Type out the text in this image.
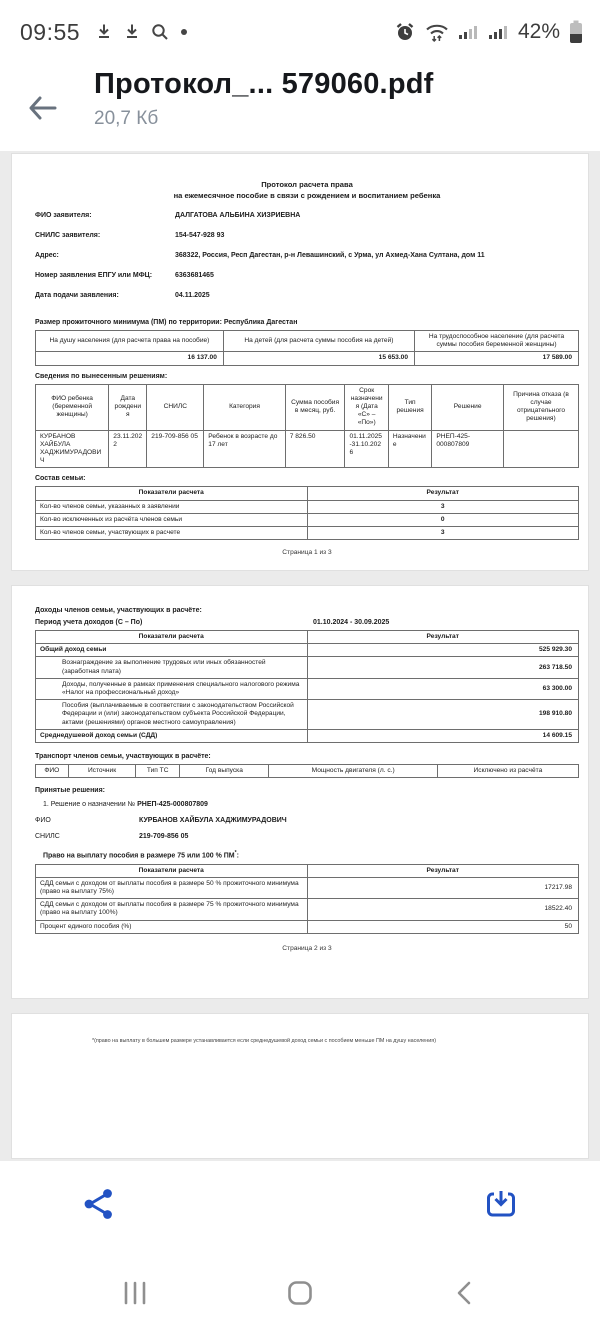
09:55	42%
Протокол_... 579060.pdf
20,7 Кб
Протокол расчета права
на ежемесячное пособие в связи с рождением и воспитанием ребенка
ФИО заявителя:	ДАЛГАТОВА АЛЬБИНА ХИЗРИЕВНА
СНИЛС заявителя:	154-547-928 93
Адрес:	368322, Россия, Респ Дагестан, р-н Левашинский, с Урма, ул Ахмед-Хана Султана, дом 11
Номер заявления ЕПГУ или МФЦ:	6363681465
Дата подачи заявления:	04.11.2025
Размер прожиточного минимума (ПМ) по территории: Республика Дагестан
На душу населения (для расчета права на пособие)	На детей (для расчета суммы пособия на детей)	На трудоспособное население (для расчета суммы пособия беременной женщины)
16 137.00	15 653.00	17 589.00
Сведения по вынесенным решениям:
ФИО ребенка (беременной женщины)	Дата рождения	СНИЛС	Категория	Сумма пособия в месяц, руб.	Срок назначения (Дата «С» – «По»)	Тип решения	Решение	Причина отказа (в случае отрицательного решения)
КУРБАНОВ ХАЙБУЛА ХАДЖИМУРАДОВИЧ	23.11.2022	219-709-856 05	Ребенок в возрасте до 17 лет	7 826.50	01.11.2025-31.10.2026	Назначение	РНЕП-425-000807809	
Состав семьи:
Показатели расчета	Результат
Кол-во членов семьи, указанных в заявлении	3
Кол-во исключенных из расчёта членов семьи	0
Кол-во членов семьи, участвующих в расчете	3
Страница 1 из 3
Доходы членов семьи, участвующих в расчёте:
Период учета доходов (С – По)	01.10.2024 - 30.09.2025
Показатели расчета	Результат
Общий доход семьи	525 929.30
Вознаграждение за выполнение трудовых или иных обязанностей (заработная плата)	263 718.50
Доходы, полученные в рамках применения специального налогового режима «Налог на профессиональный доход»	63 300.00
Пособия (выплачиваемые в соответствии с законодательством Российской Федерации и (или) законодательством субъекта Российской Федерации, актами (решениями) органов местного самоуправления)	198 910.80
Среднедушевой доход семьи (СДД)	14 609.15
Транспорт членов семьи, участвующих в расчёте:
ФИО	Источник	Тип ТС	Год выпуска	Мощность двигателя (л. с.)	Исключено из расчёта
Принятые решения:
1. Решение о назначении № РНЕП-425-000807809
ФИО	КУРБАНОВ ХАЙБУЛА ХАДЖИМУРАДОВИЧ
СНИЛС	219-709-856 05
Право на выплату пособия в размере 75 или 100 % ПМ*:
Показатели расчета	Результат
СДД семьи с доходом от выплаты пособия в размере 50 % прожиточного минимума (право на выплату 75%)	17217.98
СДД семьи с доходом от выплаты пособия в размере 75 % прожиточного минимума (право на выплату 100%)	18522.40
Процент единого пособия (%)	50
Страница 2 из 3
*(право на выплату в большем размере устанавливается если среднедушевой доход семьи с пособием меньше ПМ на душу населения)
